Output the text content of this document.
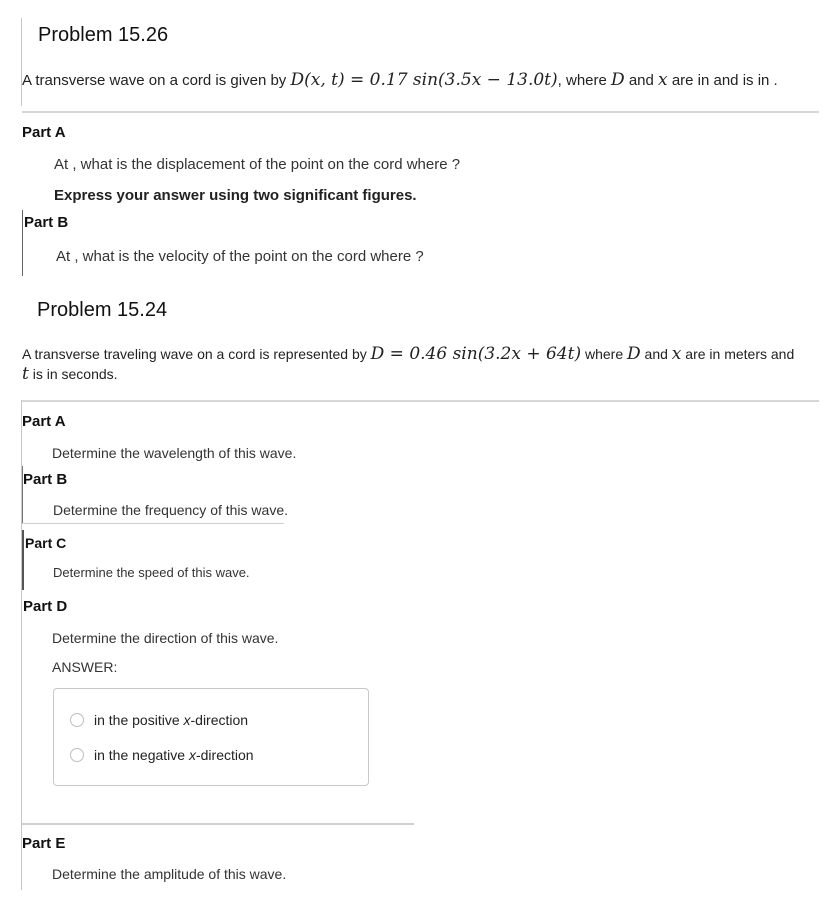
Problem 15.26
A transverse wave on a cord is given by D(x, t) = 0.17 sin(3.5x − 13.0t), where D and x are in and is in .
Part A
At , what is the displacement of the point on the cord where ?
Express your answer using two significant figures.
Part B
At , what is the velocity of the point on the cord where ?
Problem 15.24
A transverse traveling wave on a cord is represented by D = 0.46 sin(3.2x + 64t) where D and x are in meters and
t is in seconds.
Part A
Determine the wavelength of this wave.
Part B
Determine the frequency of this wave.
Part C
Determine the speed of this wave.
Part D
Determine the direction of this wave.
ANSWER:
in the positive x-direction
in the negative x-direction
Part E
Determine the amplitude of this wave.
